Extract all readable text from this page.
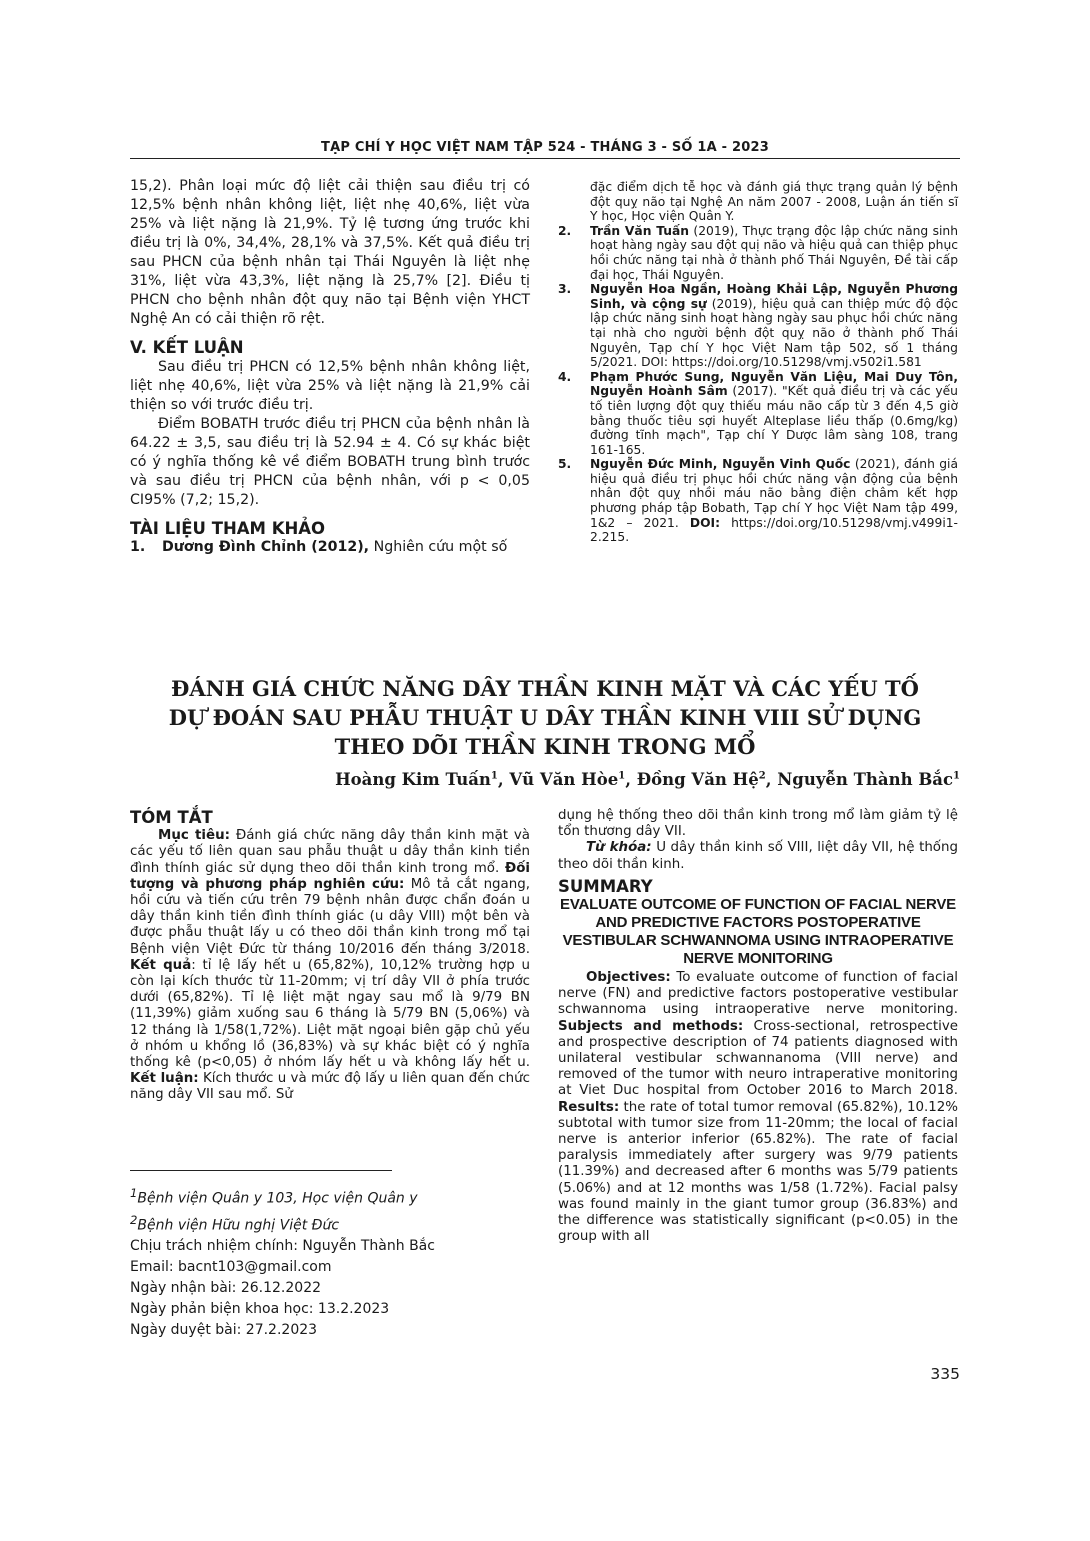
TẠP CHÍ Y HỌC VIỆT NAM TẬP 524 - THÁNG 3 - SỐ 1A - 2023

15,2). Phân loại mức độ liệt cải thiện sau điều trị có 12,5% bệnh nhân không liệt, liệt nhẹ 40,6%, liệt vừa 25% và liệt nặng là 21,9%. Tỷ lệ tương ứng trước khi điều trị là 0%, 34,4%, 28,1% và 37,5%. Kết quả điều trị sau PHCN của bệnh nhân tại Thái Nguyên là liệt nhẹ 31%, liệt vừa 43,3%, liệt nặng là 25,7% [2]. Điều tị PHCN cho bệnh nhân đột quỵ não tại Bệnh viện YHCT Nghệ An có cải thiện rõ rệt.

V. KẾT LUẬN

Sau điều trị PHCN có 12,5% bệnh nhân không liệt, liệt nhẹ 40,6%, liệt vừa 25% và liệt nặng là 21,9% cải thiện so với trước điều trị.

Điểm BOBATH trước điều trị PHCN của bệnh nhân là 64.22 ± 3,5, sau điều trị là 52.94 ± 4. Có sự khác biệt có ý nghĩa thống kê về điểm BOBATH trung bình trước và sau điều trị PHCN của bệnh nhân, với p < 0,05 CI95% (7,2; 15,2).

TÀI LIỆU THAM KHẢO

1. Dương Đình Chỉnh (2012), Nghiên cứu một số

đặc điểm dịch tễ học và đánh giá thực trạng quản lý bệnh đột quỵ não tại Nghệ An năm 2007 - 2008, Luận án tiến sĩ Y học, Học viện Quân Y.

2. Trần Văn Tuấn (2019), Thực trạng độc lập chức năng sinh hoạt hàng ngày sau đột quị não và hiệu quả can thiệp phục hồi chức năng tại nhà ở thành phố Thái Nguyên, Đề tài cấp đại học, Thái Nguyên.

3. Nguyễn Hoa Ngần, Hoàng Khải Lập, Nguyễn Phương Sinh, và cộng sự (2019), hiệu quả can thiệp mức độ độc lập chức năng sinh hoạt hàng ngày sau phục hồi chức năng tại nhà cho người bệnh đột quỵ não ở thành phố Thái Nguyên, Tạp chí Y học Việt Nam tập 502, số 1 tháng 5/2021. DOI: https://doi.org/10.51298/vmj.v502i1.581

4. Phạm Phước Sung, Nguyễn Văn Liệu, Mai Duy Tôn, Nguyễn Hoành Sâm (2017). "Kết quả điều trị và các yếu tố tiên lượng đột quỵ thiếu máu não cấp từ 3 đến 4,5 giờ bằng thuốc tiêu sợi huyết Alteplase liều thấp (0.6mg/kg) đường tĩnh mạch", Tạp chí Y Dược lâm sàng 108, trang 161-165.

5. Nguyễn Đức Minh, Nguyễn Vinh Quốc (2021), đánh giá hiệu quả điều trị phục hồi chức năng vận động của bệnh nhân đột quỵ nhồi máu não bằng điện châm kết hợp phương pháp tập Bobath, Tạp chí Y học Việt Nam tập 499, 1&2 – 2021. DOI: https://doi.org/10.51298/vmj.v499i1-2.215.

ĐÁNH GIÁ CHỨC NĂNG DÂY THẦN KINH MẶT VÀ CÁC YẾU TỐ
DỰ ĐOÁN SAU PHẪU THUẬT U DÂY THẦN KINH VIII SỬ DỤNG
THEO DÕI THẦN KINH TRONG MỔ
Hoàng Kim Tuấn$^1$, Vũ Văn Hòe$^1$, Đồng Văn Hệ$^2$, Nguyễn Thành Bắc$^1$
TÓM TẮT

Mục tiêu: Đánh giá chức năng dây thần kinh mặt và các yếu tố liên quan sau phẫu thuật u dây thần kinh tiền đình thính giác sử dụng theo dõi thần kinh trong mổ. Đối tượng và phương pháp nghiên cứu: Mô tả cắt ngang, hồi cứu và tiến cứu trên 79 bệnh nhân được chẩn đoán u dây thần kinh tiền đình thính giác (u dây VIII) một bên và được phẫu thuật lấy u có theo dõi thần kinh trong mổ tại Bệnh viện Việt Đức từ tháng 10/2016 đến tháng 3/2018. Kết quả: tỉ lệ lấy hết u (65,82%), 10,12% trường hợp u còn lại kích thước từ 11-20mm; vị trí dây VII ở phía trước dưới (65,82%). Tỉ lệ liệt mặt ngay sau mổ là 9/79 BN (11,39%) giảm xuống sau 6 tháng là 5/79 BN (5,06%) và 12 tháng là 1/58(1,72%). Liệt mặt ngoại biên gặp chủ yếu ở nhóm u khổng lồ (36,83%) và sự khác biệt có ý nghĩa thống kê (p<0,05) ở nhóm lấy hết u và không lấy hết u. Kết luận: Kích thước u và mức độ lấy u liên quan đến chức năng dây VII sau mổ. Sử

$^1$Bệnh viện Quân y 103, Học viện Quân y
$^2$Bệnh viện Hữu nghị Việt Đức
Chịu trách nhiệm chính: Nguyễn Thành Bắc
Email: bacnt103@gmail.com
Ngày nhận bài: 26.12.2022
Ngày phản biện khoa học: 13.2.2023
Ngày duyệt bài: 27.2.2023

dụng hệ thống theo dõi thần kinh trong mổ làm giảm tỷ lệ tổn thương dây VII.

Từ khóa: U dây thần kinh số VIII, liệt dây VII, hệ thống theo dõi thần kinh.

SUMMARY

EVALUATE OUTCOME OF FUNCTION OF FACIAL NERVE AND PREDICTIVE FACTORS POSTOPERATIVE VESTIBULAR SCHWANNOMA USING INTRAOPERATIVE NERVE MONITORING

Objectives: To evaluate outcome of function of facial nerve (FN) and predictive factors postoperative vestibular schwannoma using intraoperative nerve monitoring. Subjects and methods: Cross-sectional, retrospective and prospective description of 74 patients diagnosed with unilateral vestibular schwannanoma (VIII nerve) and removed of the tumor with neuro intraperative monitoring at Viet Duc hospital from October 2016 to March 2018. Results: the rate of total tumor removal (65.82%), 10.12% subtotal with tumor size from 11-20mm; the local of facial nerve is anterior inferior (65.82%). The rate of facial paralysis immediately after surgery was 9/79 patients (11.39%) and decreased after 6 months was 5/79 patients (5.06%) and at 12 months was 1/58 (1.72%). Facial palsy was found mainly in the giant tumor group (36.83%) and the difference was statistically significant (p<0.05) in the group with all

335
